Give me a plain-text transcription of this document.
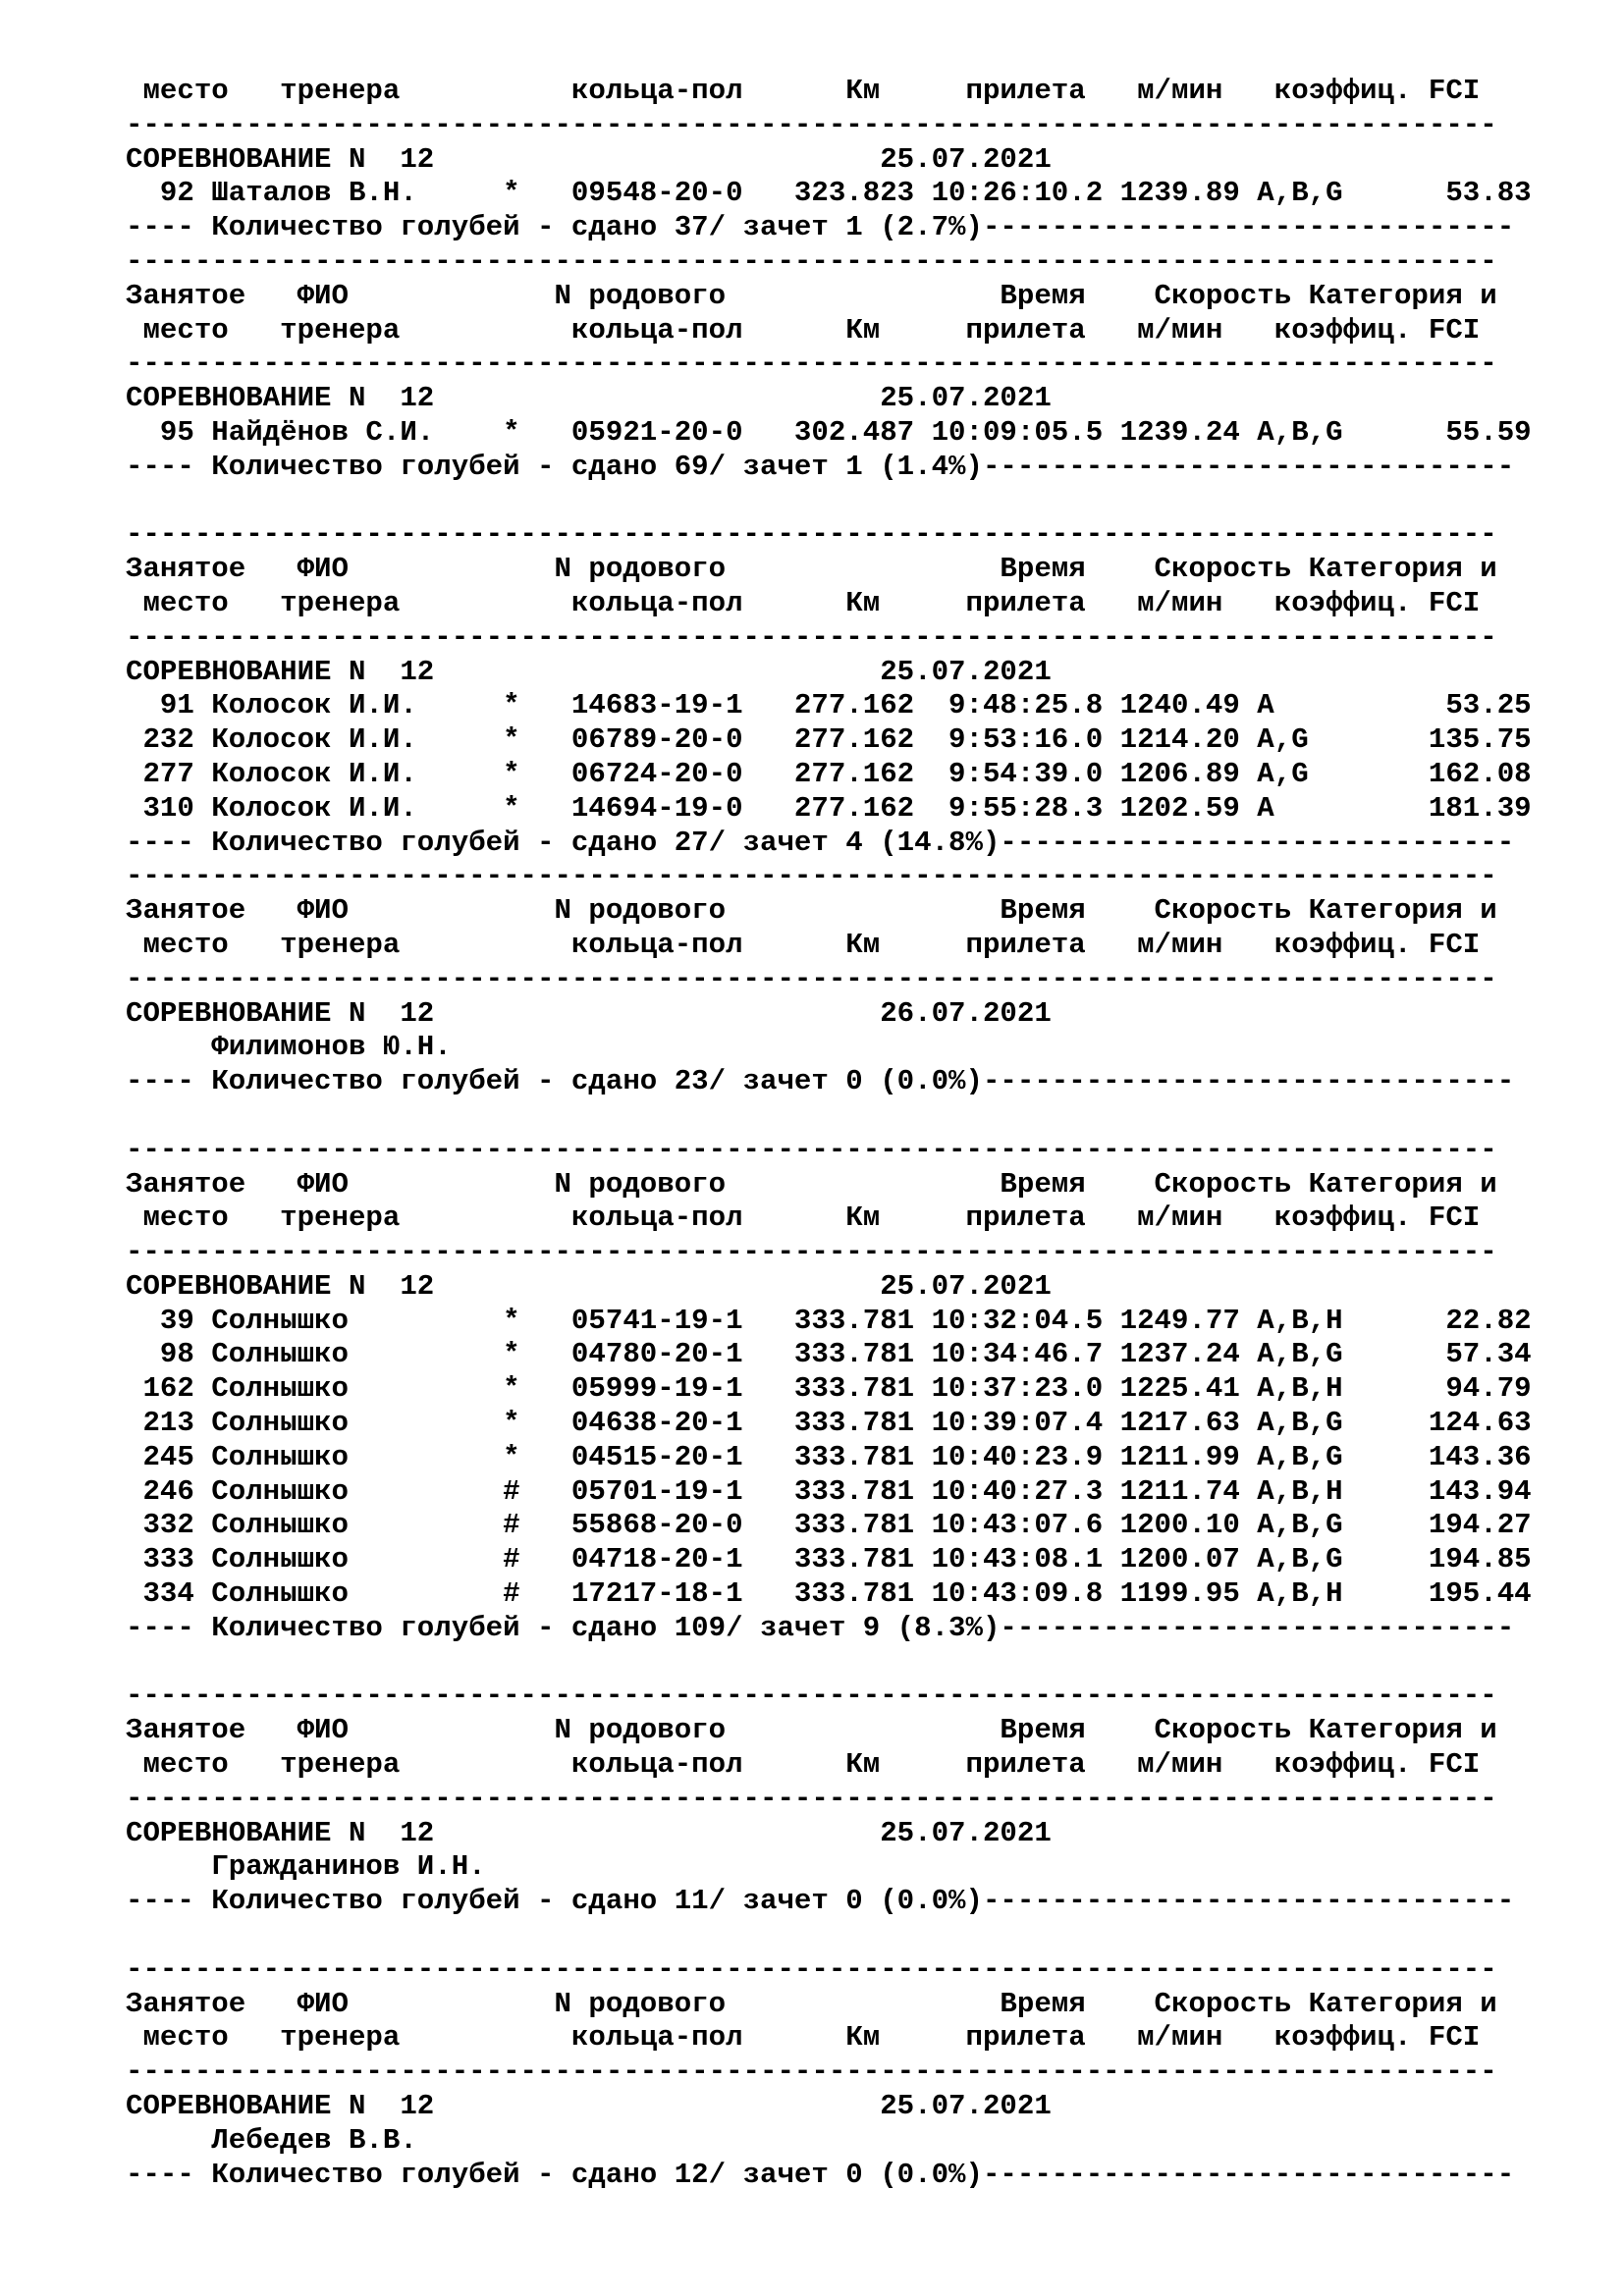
место   тренера          кольца-пол      Км     прилета   м/мин   коэффиц. FCI
--------------------------------------------------------------------------------
СОРЕВНОВАНИЕ N  12                          25.07.2021
92 Шаталов В.Н.     *   09548-20-0   323.823 10:26:10.2 1239.89 A,B,G      53.83
---- Количество голубей - сдано 37/ зачет 1 (2.7%)-------------------------------
--------------------------------------------------------------------------------
Занятое   ФИО            N родового                Время    Скорость Категория и
место   тренера          кольца-пол      Км     прилета   м/мин   коэффиц. FCI
--------------------------------------------------------------------------------
СОРЕВНОВАНИЕ N  12                          25.07.2021
95 Найдёнов С.И.    *   05921-20-0   302.487 10:09:05.5 1239.24 A,B,G      55.59
---- Количество голубей - сдано 69/ зачет 1 (1.4%)-------------------------------
--------------------------------------------------------------------------------
Занятое   ФИО            N родового                Время    Скорость Категория и
место   тренера          кольца-пол      Км     прилета   м/мин   коэффиц. FCI
--------------------------------------------------------------------------------
СОРЕВНОВАНИЕ N  12                          25.07.2021
91 Колосок И.И.     *   14683-19-1   277.162  9:48:25.8 1240.49 A          53.25
232 Колосок И.И.     *   06789-20-0   277.162  9:53:16.0 1214.20 A,G       135.75
277 Колосок И.И.     *   06724-20-0   277.162  9:54:39.0 1206.89 A,G       162.08
310 Колосок И.И.     *   14694-19-0   277.162  9:55:28.3 1202.59 A         181.39
---- Количество голубей - сдано 27/ зачет 4 (14.8%)------------------------------
--------------------------------------------------------------------------------
Занятое   ФИО            N родового                Время    Скорость Категория и
место   тренера          кольца-пол      Км     прилета   м/мин   коэффиц. FCI
--------------------------------------------------------------------------------
СОРЕВНОВАНИЕ N  12                          26.07.2021
Филимонов Ю.Н.
---- Количество голубей - сдано 23/ зачет 0 (0.0%)-------------------------------
--------------------------------------------------------------------------------
Занятое   ФИО            N родового                Время    Скорость Категория и
место   тренера          кольца-пол      Км     прилета   м/мин   коэффиц. FCI
--------------------------------------------------------------------------------
СОРЕВНОВАНИЕ N  12                          25.07.2021
39 Солнышко         *   05741-19-1   333.781 10:32:04.5 1249.77 A,B,H      22.82
98 Солнышко         *   04780-20-1   333.781 10:34:46.7 1237.24 A,B,G      57.34
162 Солнышко         *   05999-19-1   333.781 10:37:23.0 1225.41 A,B,H      94.79
213 Солнышко         *   04638-20-1   333.781 10:39:07.4 1217.63 A,B,G     124.63
245 Солнышко         *   04515-20-1   333.781 10:40:23.9 1211.99 A,B,G     143.36
246 Солнышко         #   05701-19-1   333.781 10:40:27.3 1211.74 A,B,H     143.94
332 Солнышко         #   55868-20-0   333.781 10:43:07.6 1200.10 A,B,G     194.27
333 Солнышко         #   04718-20-1   333.781 10:43:08.1 1200.07 A,B,G     194.85
334 Солнышко         #   17217-18-1   333.781 10:43:09.8 1199.95 A,B,H     195.44
---- Количество голубей - сдано 109/ зачет 9 (8.3%)------------------------------
--------------------------------------------------------------------------------
Занятое   ФИО            N родового                Время    Скорость Категория и
место   тренера          кольца-пол      Км     прилета   м/мин   коэффиц. FCI
--------------------------------------------------------------------------------
СОРЕВНОВАНИЕ N  12                          25.07.2021
Гражданинов И.Н.
---- Количество голубей - сдано 11/ зачет 0 (0.0%)-------------------------------
--------------------------------------------------------------------------------
Занятое   ФИО            N родового                Время    Скорость Категория и
место   тренера          кольца-пол      Км     прилета   м/мин   коэффиц. FCI
--------------------------------------------------------------------------------
СОРЕВНОВАНИЕ N  12                          25.07.2021
Лебедев В.В.
---- Количество голубей - сдано 12/ зачет 0 (0.0%)-------------------------------
